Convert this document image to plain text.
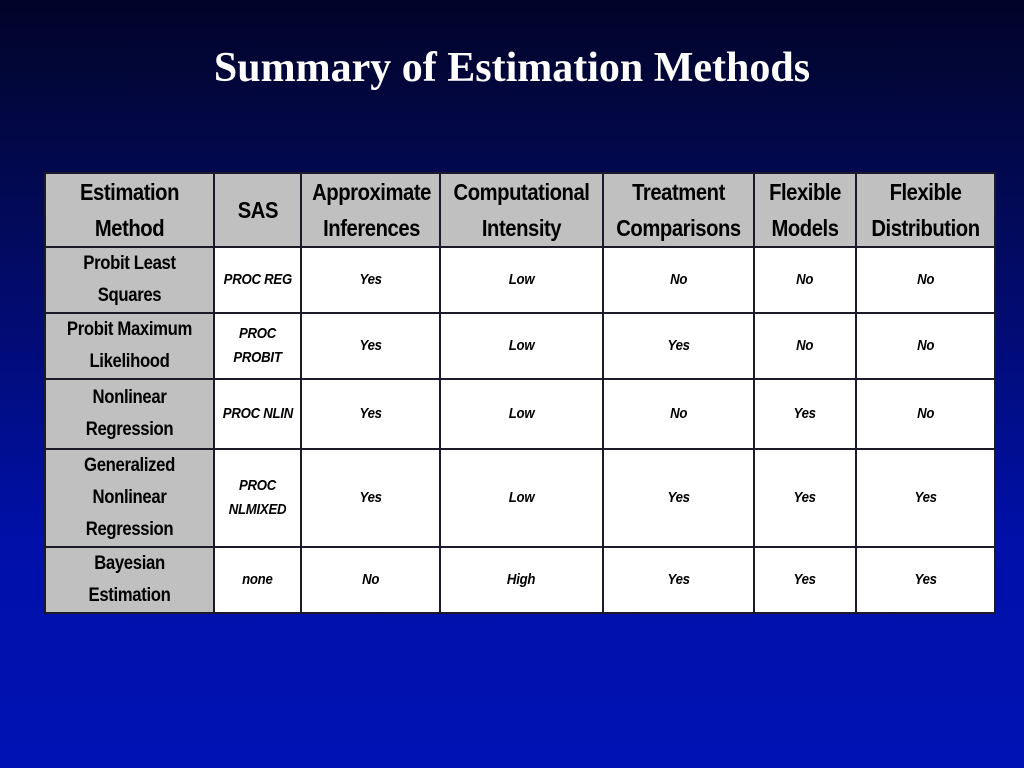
Summary of Estimation Methods
Estimation Method	SAS	Approximate Inferences	Computational Intensity	Treatment Comparisons	Flexible Models	Flexible Distribution
Probit Least Squares	PROC REG	Yes	Low	No	No	No
Probit Maximum Likelihood	PROC PROBIT	Yes	Low	Yes	No	No
Nonlinear Regression	PROC NLIN	Yes	Low	No	Yes	No
Generalized Nonlinear Regression	PROC NLMIXED	Yes	Low	Yes	Yes	Yes
Bayesian Estimation	none	No	High	Yes	Yes	Yes
